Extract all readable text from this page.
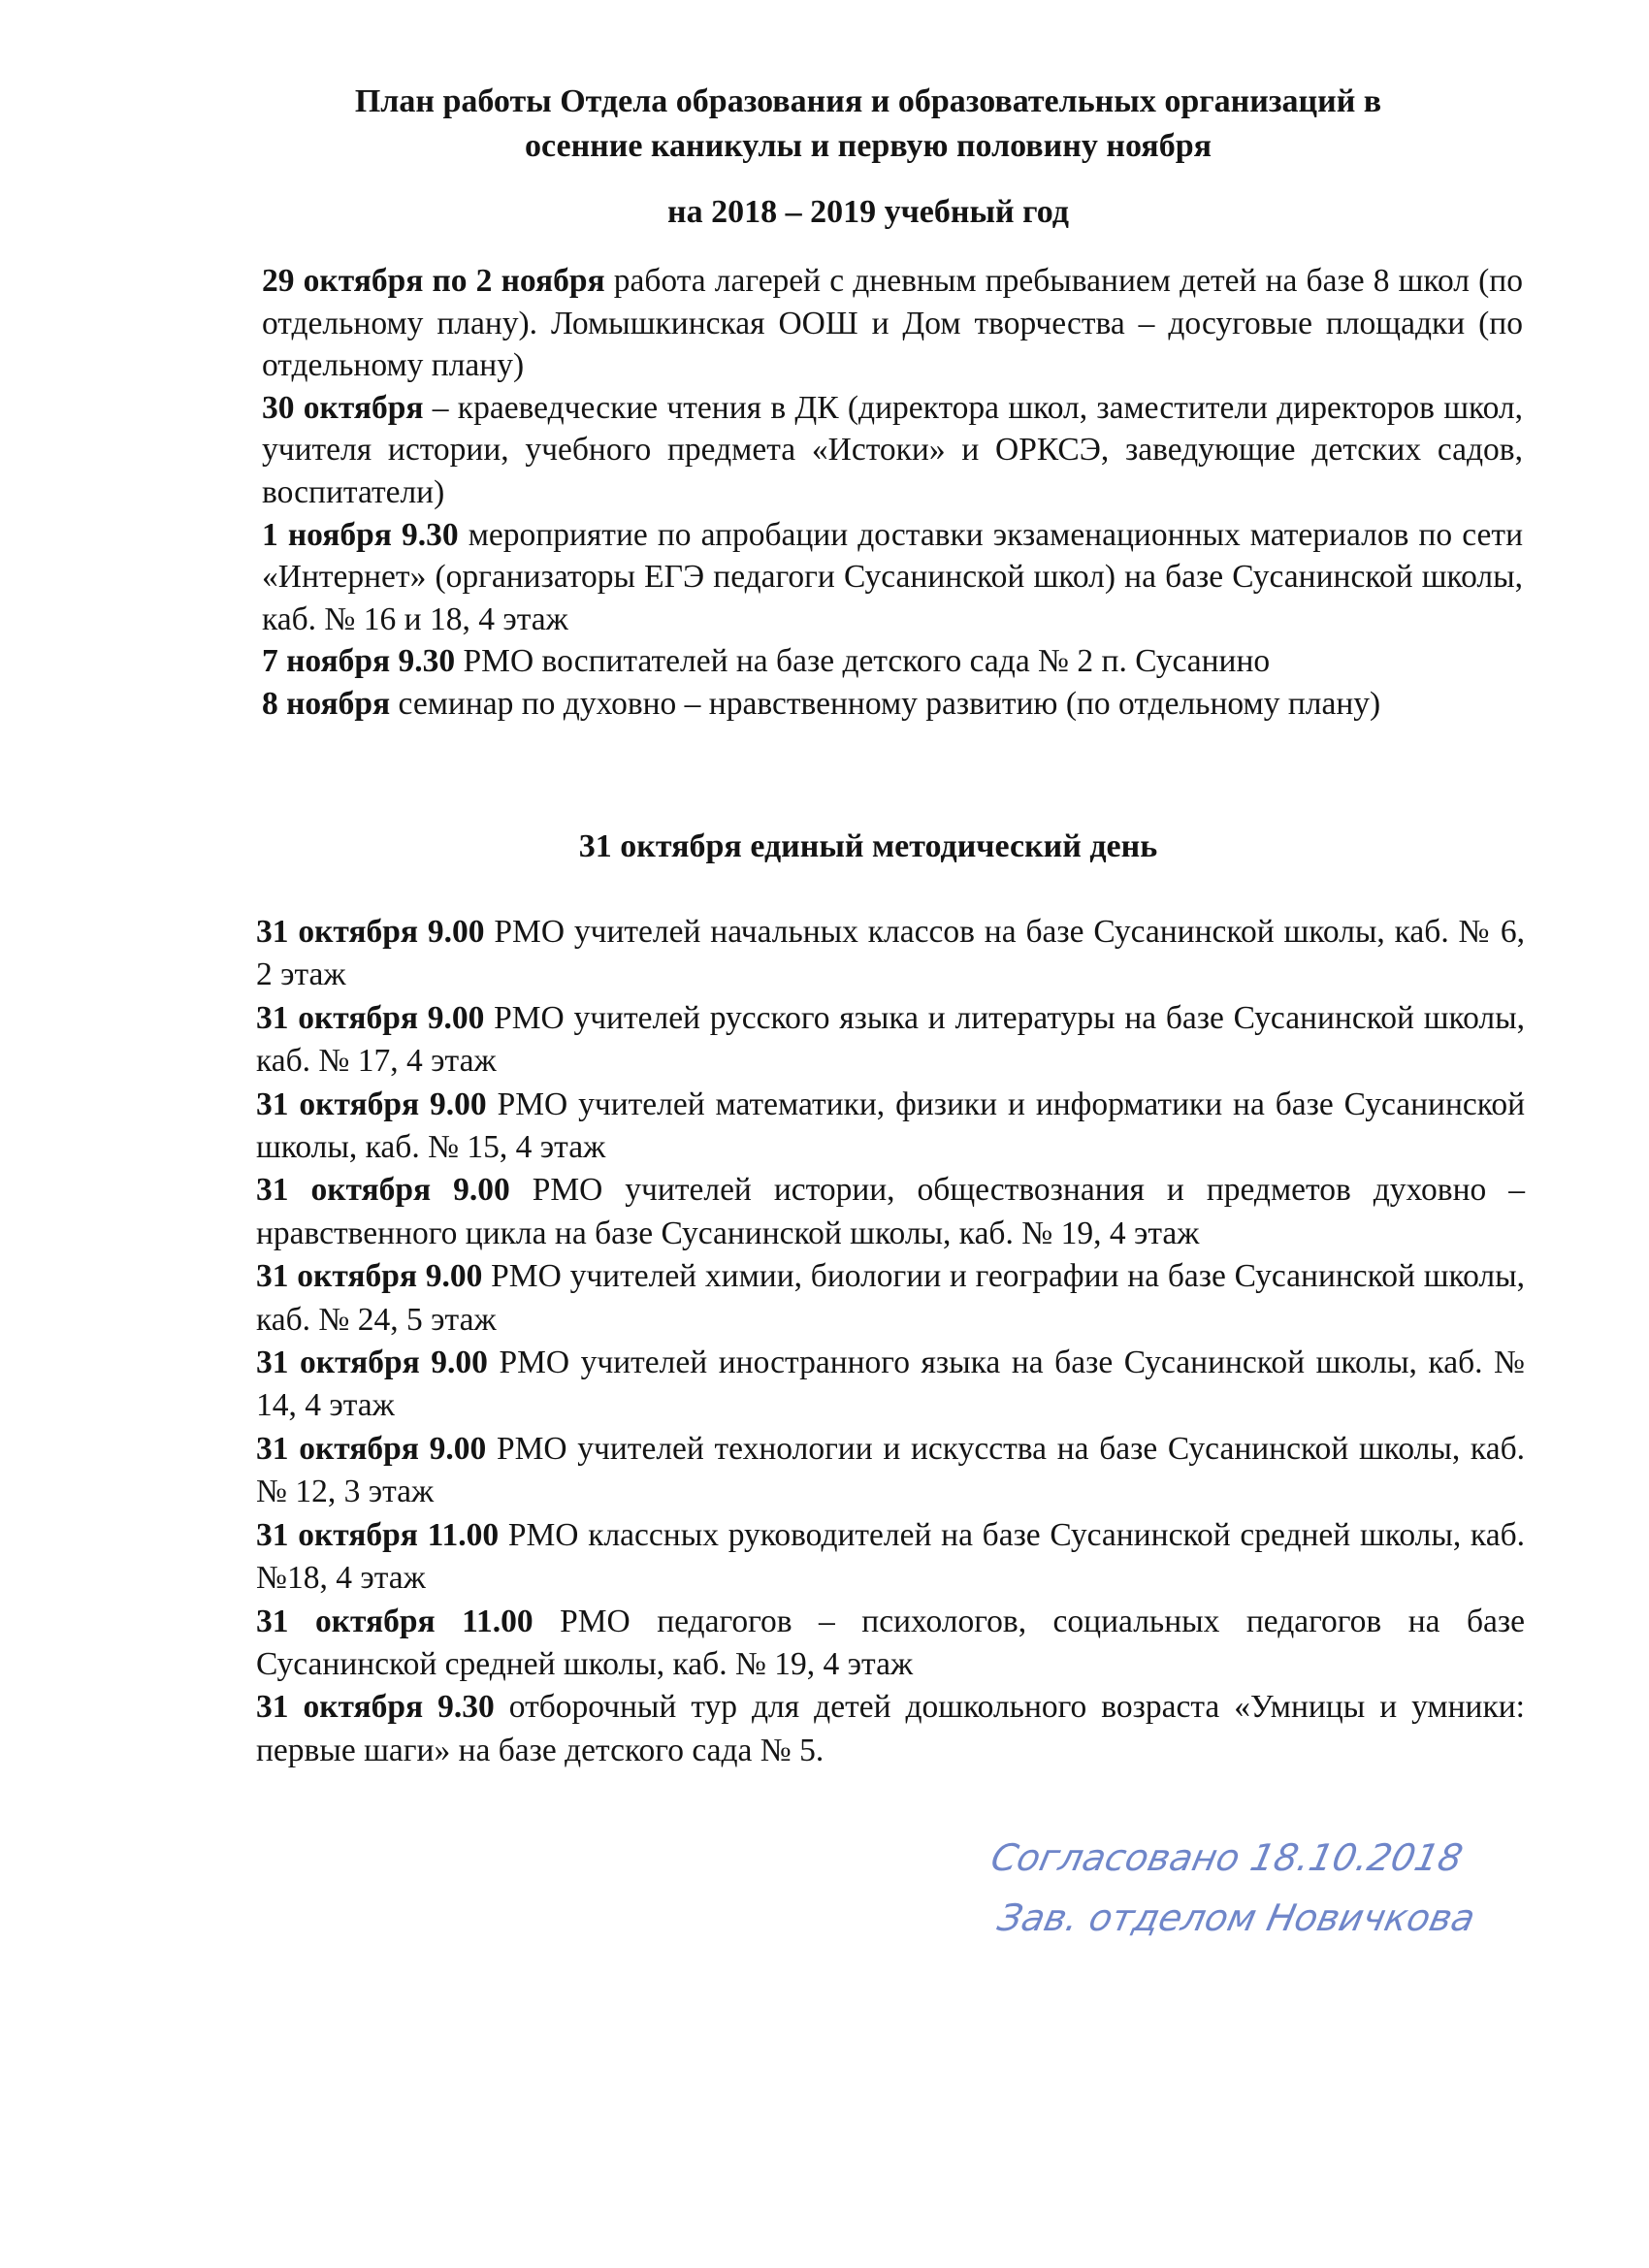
План работы Отдела образования и образовательных организаций в
осенние каникулы и первую половину ноября
на 2018 – 2019 учебный год
29 октября по 2 ноября работа лагерей с дневным пребыванием детей на базе 8 школ (по отдельному плану). Ломышкинская ООШ и Дом творчества – досуговые площадки (по отдельному плану)
30 октября – краеведческие чтения в ДК (директора школ, заместители директоров школ, учителя истории, учебного предмета «Истоки» и ОРКСЭ, заведующие детских садов, воспитатели)
1 ноября 9.30 мероприятие по апробации доставки экзаменационных материалов по сети «Интернет» (организаторы ЕГЭ педагоги Сусанинской школ) на базе Сусанинской школы, каб. № 16 и 18, 4 этаж
7 ноября 9.30 РМО воспитателей на базе детского сада № 2 п. Сусанино
8 ноября семинар по духовно – нравственному развитию (по отдельному плану)
31 октября единый методический день
31 октября 9.00 РМО учителей начальных классов на базе Сусанинской школы, каб. № 6, 2 этаж
31 октября 9.00 РМО учителей русского языка и литературы на базе Сусанинской школы, каб. № 17, 4 этаж
31 октября 9.00 РМО учителей математики, физики и информатики на базе Сусанинской школы, каб. № 15, 4 этаж
31 октября 9.00 РМО учителей истории, обществознания и предметов духовно – нравственного цикла на базе Сусанинской школы, каб. № 19, 4 этаж
31 октября 9.00 РМО учителей химии, биологии и географии на базе Сусанинской школы, каб. № 24, 5 этаж
31 октября 9.00 РМО учителей иностранного языка на базе Сусанинской школы, каб. № 14, 4 этаж
31 октября 9.00 РМО учителей технологии и искусства на базе Сусанинской школы, каб. № 12, 3 этаж
31 октября 11.00 РМО классных руководителей на базе Сусанинской средней школы, каб. №18, 4 этаж
31 октября 11.00 РМО педагогов – психологов, социальных педагогов на базе Сусанинской средней школы, каб. № 19, 4 этаж
31 октября 9.30 отборочный тур для детей дошкольного возраста «Умницы и умники: первые шаги» на базе детского сада № 5.
Согласовано 18.10.2018
Зав. отделом Новичкова
